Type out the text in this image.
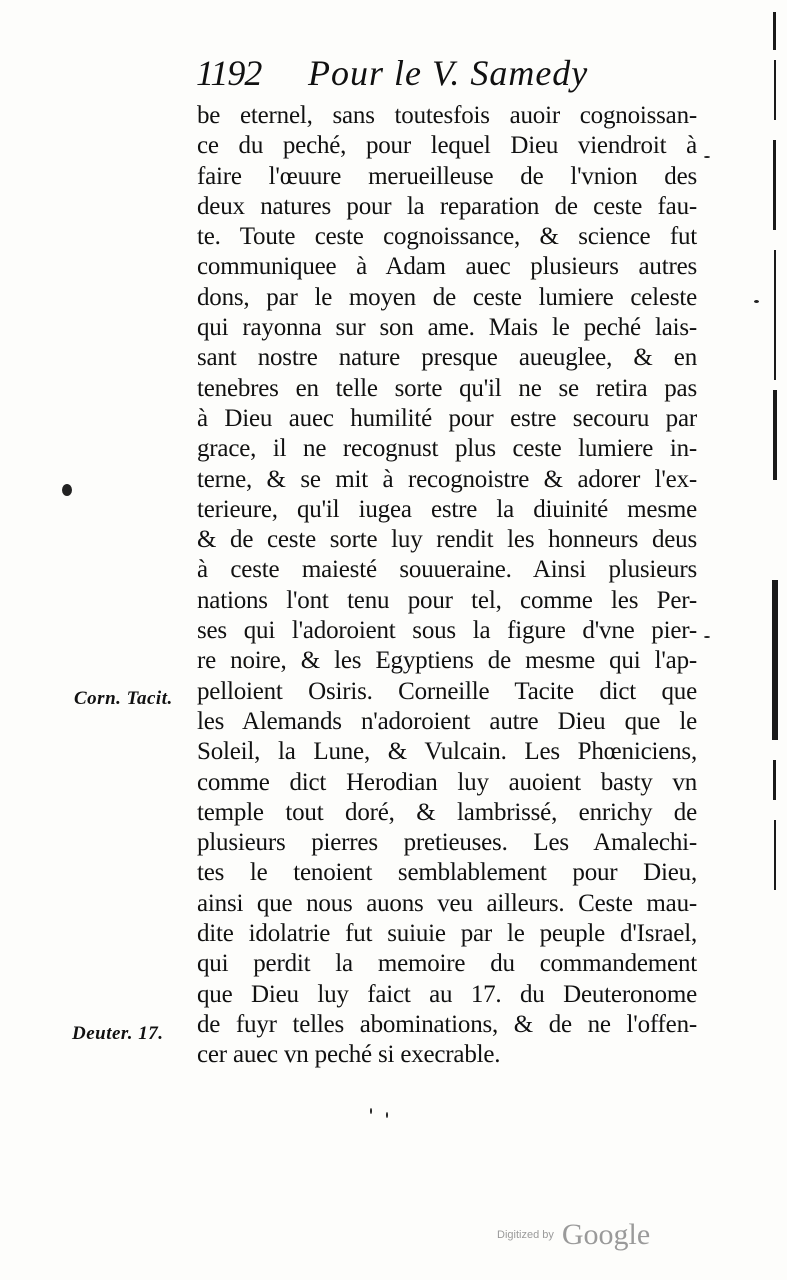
1192 Pour le V. Samedy
be eternel, sans toutesfois auoir cognoissan-
ce du peché, pour lequel Dieu viendroit à
faire l'œuure merueilleuse de l'vnion des
deux natures pour la reparation de ceste fau-
te. Toute ceste cognoissance, & science fut
communiquee à Adam auec plusieurs autres
dons, par le moyen de ceste lumiere celeste
qui rayonna sur son ame. Mais le peché lais-
sant nostre nature presque aueuglee, & en
tenebres en telle sorte qu'il ne se retira pas
à Dieu auec humilité pour estre secouru par
grace, il ne recognust plus ceste lumiere in-
terne, & se mit à recognoistre & adorer l'ex-
terieure, qu'il iugea estre la diuinité mesme
& de ceste sorte luy rendit les honneurs deus
à ceste maiesté souueraine. Ainsi plusieurs
nations l'ont tenu pour tel, comme les Per-
ses qui l'adoroient sous la figure d'vne pier-
re noire, & les Egyptiens de mesme qui l'ap-
pelloient Osiris. Corneille Tacite dict que
les Alemands n'adoroient autre Dieu que le
Soleil, la Lune, & Vulcain. Les Phœniciens,
comme dict Herodian luy auoient basty vn
temple tout doré, & lambrissé, enrichy de
plusieurs pierres pretieuses. Les Amalechi-
tes le tenoient semblablement pour Dieu,
ainsi que nous auons veu ailleurs. Ceste mau-
dite idolatrie fut suiuie par le peuple d'Israel,
qui perdit la memoire du commandement
que Dieu luy faict au 17. du Deuteronome
de fuyr telles abominations, & de ne l'offen-
cer auec vn peché si execrable.
Corn. Tacit.
Deuter. 17.
Digitized by Google
